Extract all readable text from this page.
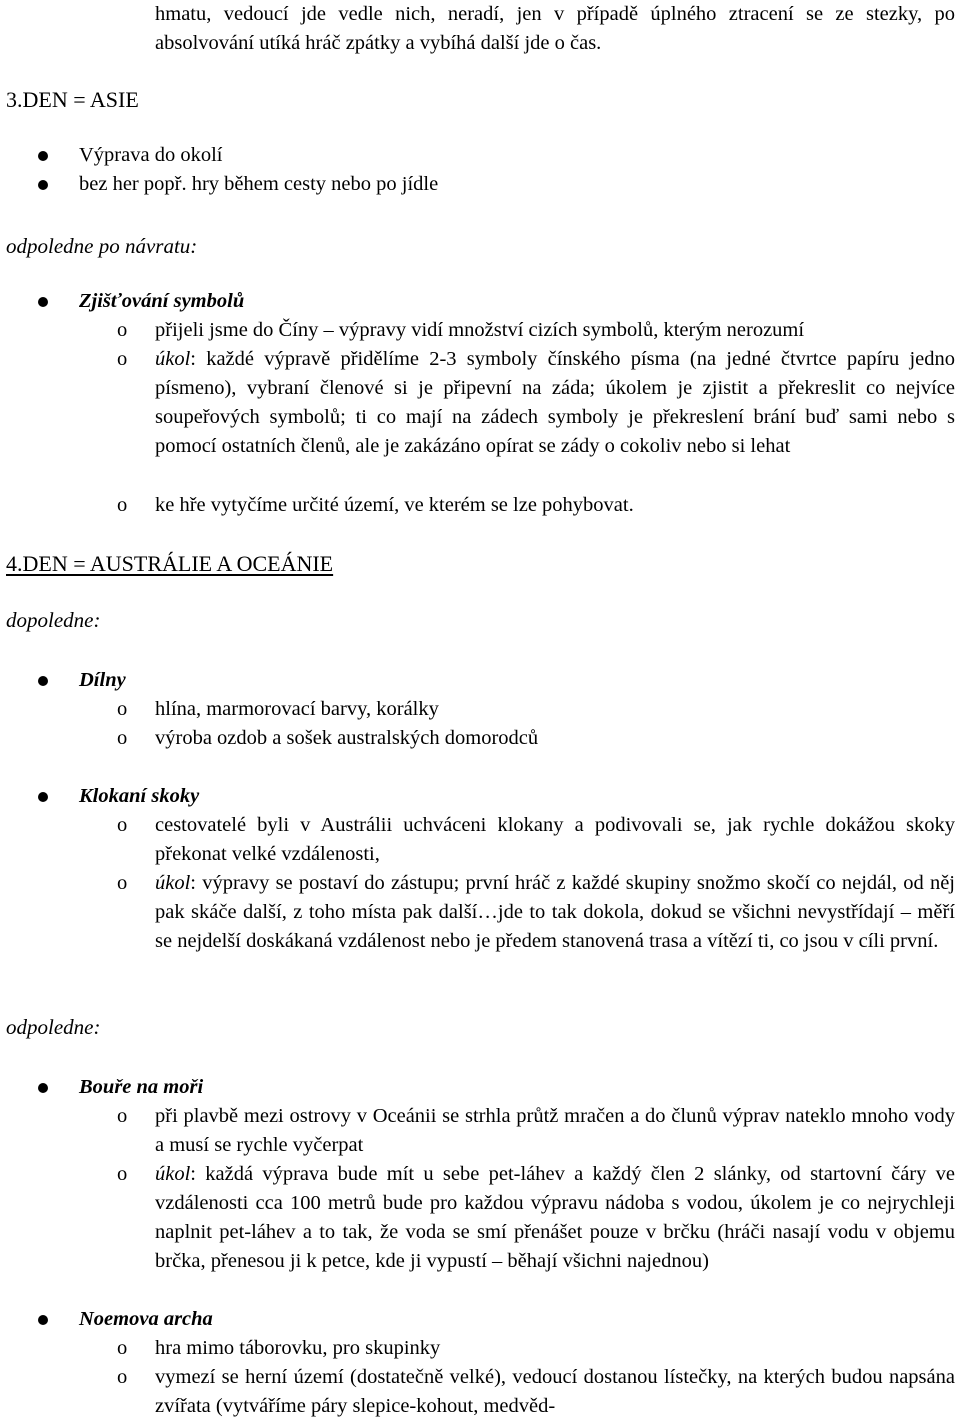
hmatu, vedoucí jde vedle nich, neradí, jen v případě úplného ztracení se ze stezky, po absolvování utíká hráč zpátky a vybíhá další jde o čas.
3.DEN = ASIE
Výprava do okolí
bez her popř. hry během cesty nebo po jídle
odpoledne po návratu:
Zjišťování symbolů
o	přijeli jsme do Číny – výpravy vidí množství cizích symbolů, kterým nerozumí
o	úkol: každé výpravě přidělíme 2-3 symboly čínského písma (na jedné čtvrtce papíru jedno písmeno), vybraní členové si je připevní na záda; úkolem je zjistit a překreslit co nejvíce soupeřových symbolů; ti co mají na zádech symboly je překreslení brání buď sami nebo s pomocí ostatních členů, ale je zakázáno opírat se zády o cokoliv nebo si lehat
o	ke hře vytyčíme určité území, ve kterém se lze pohybovat.
4.DEN = AUSTRÁLIE A OCEÁNIE
dopoledne:
Dílny
o	hlína, marmorovací barvy, korálky
o	výroba ozdob a sošek australských domorodců
Klokaní skoky
o	cestovatelé byli v Austrálii uchváceni klokany a podivovali se, jak rychle dokážou skoky překonat velké vzdálenosti,
o	úkol: výpravy se postaví do zástupu; první hráč z každé skupiny snožmo skočí co nejdál, od něj pak skáče další, z toho místa pak další…jde to tak dokola, dokud se všichni nevystřídají – měří se nejdelší doskákaná vzdálenost nebo je předem stanovená trasa a vítězí ti, co jsou v cíli první.
odpoledne:
Bouře na moři
o	při plavbě mezi ostrovy v Oceánii se strhla průtž mračen a do člunů výprav nateklo mnoho vody a musí se rychle vyčerpat
o	úkol: každá výprava bude mít u sebe pet-láhev a každý člen 2 slánky, od startovní čáry ve vzdálenosti cca 100 metrů bude pro každou výpravu nádoba s vodou, úkolem je co nejrychleji naplnit pet-láhev a to tak, že voda se smí přenášet pouze v brčku (hráči nasají vodu v objemu brčka, přenesou ji k petce, kde ji vypustí – běhají všichni najednou)
Noemova archa
o	hra mimo táborovku, pro skupinky
o	vymezí se herní území (dostatečně velké), vedoucí dostanou lístečky, na kterých budou napsána zvířata (vytváříme páry slepice-kohout, medvěd-
